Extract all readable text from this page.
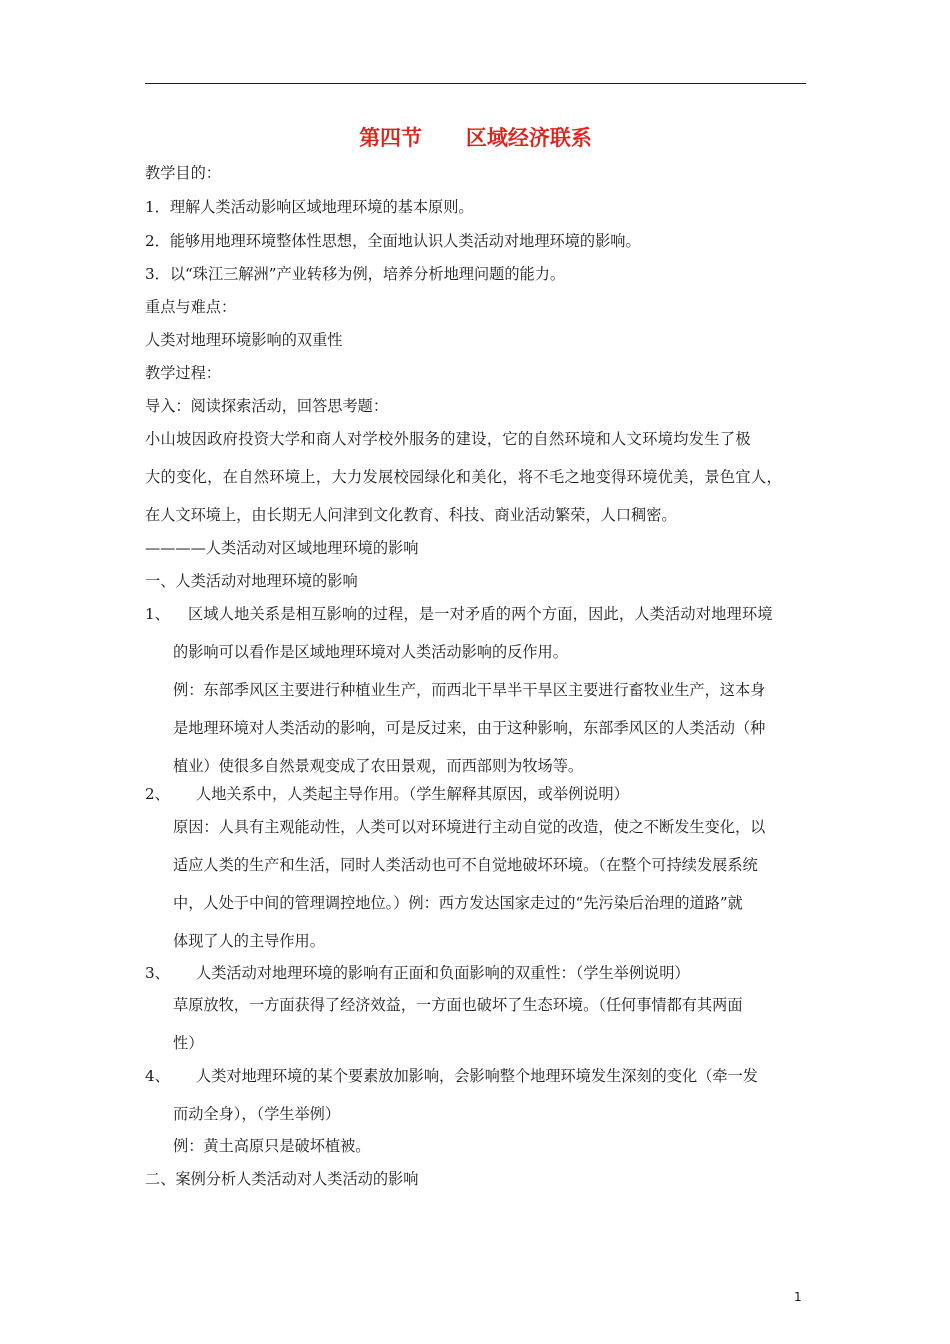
第四节      区域经济联系
教学目的：
1．理解人类活动影响区域地理环境的基本原则。
2．能够用地理环境整体性思想，全面地认识人类活动对地理环境的影响。
3．以“珠江三解洲”产业转移为例，培养分析地理问题的能力。
重点与难点：
人类对地理环境影响的双重性
教学过程：
导入：阅读探索活动，回答思考题：
小山坡因政府投资大学和商人对学校外服务的建设，它的自然环境和人文环境均发生了极
大的变化，在自然环境上，大力发展校园绿化和美化，将不毛之地变得环境优美，景色宜人，
在人文环境上，由长期无人问津到文化教育、科技、商业活动繁荣，人口稠密。
————人类活动对区域地理环境的影响
一、人类活动对地理环境的影响
1、 区域人地关系是相互影响的过程，是一对矛盾的两个方面，因此，人类活动对地理环境
的影响可以看作是区域地理环境对人类活动影响的反作用。
例：东部季风区主要进行种植业生产，而西北干旱半干旱区主要进行畜牧业生产，这本身
是地理环境对人类活动的影响，可是反过来，由于这种影响，东部季风区的人类活动（种
植业）使很多自然景观变成了农田景观，而西部则为牧场等。
2、 人地关系中，人类起主导作用。（学生解释其原因，或举例说明）
原因：人具有主观能动性，人类可以对环境进行主动自觉的改造，使之不断发生变化，以
适应人类的生产和生活，同时人类活动也可不自觉地破坏环境。（在整个可持续发展系统
中，人处于中间的管理调控地位。）例：西方发达国家走过的“先污染后治理的道路”就
体现了人的主导作用。
3、 人类活动对地理环境的影响有正面和负面影响的双重性：（学生举例说明）
草原放牧，一方面获得了经济效益，一方面也破坏了生态环境。（任何事情都有其两面
性）
4、 人类对地理环境的某个要素放加影响，会影响整个地理环境发生深刻的变化（牵一发
而动全身），（学生举例）
例：黄土高原只是破坏植被。
二、案例分析人类活动对人类活动的影响
1
